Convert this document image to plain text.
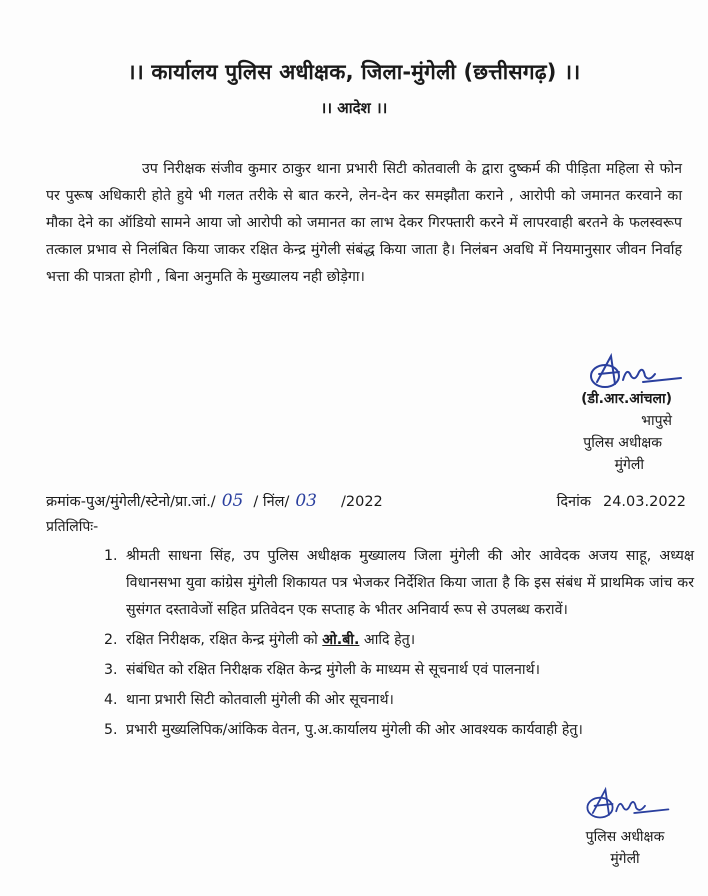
।। कार्यालय पुलिस अधीक्षक, जिला-मुंगेली (छत्तीसगढ़) ।।
।। आदेश ।।
उप निरीक्षक संजीव कुमार ठाकुर थाना प्रभारी सिटी कोतवाली के द्वारा दुष्कर्म की पीड़िता महिला से फोन पर पुरूष अधिकारी होते हुये भी गलत तरीके से बात करने, लेन-देन कर समझौता कराने , आरोपी को जमानत करवाने का मौका देने का ऑडियो सामने आया जो आरोपी को जमानत का लाभ देकर गिरफ्तारी करने में लापरवाही बरतने के फलस्वरूप तत्काल प्रभाव से निलंबित किया जाकर रक्षित केन्द्र मुंगेली संबंद्ध किया जाता है। निलंबन अवधि में नियमानुसार जीवन निर्वाह भत्ता की पात्रता होगी , बिना अनुमति के मुख्यालय नही छोड़ेगा।
(डी.आर.आंचला)
भापुसे
पुलिस अधीक्षक
मुंगेली
क्रमांक-पुअ/मुंगेली/स्टेनो/प्रा.जां./ 05 / निंल/ 03	/2022	दिनांक 24.03.2022
प्रतिलिपिः-
1. श्रीमती साधना सिंह, उप पुलिस अधीक्षक मुख्यालय जिला मुंगेली की ओर आवेदक अजय साहू, अध्यक्ष विधानसभा युवा कांग्रेस मुंगेली शिकायत पत्र भेजकर निर्देशित किया जाता है कि इस संबंध में प्राथमिक जांच कर सुसंगत दस्तावेजों सहित प्रतिवेदन एक सप्ताह के भीतर अनिवार्य रूप से उपलब्ध करावें।
2. रक्षित निरीक्षक, रक्षित केन्द्र मुंगेली को ओ.बी. आदि हेतु।
3. संबंधित को रक्षित निरीक्षक रक्षित केन्द्र मुंगेली के माध्यम से सूचनार्थ एवं पालनार्थ।
4. थाना प्रभारी सिटी कोतवाली मुंगेली की ओर सूचनार्थ।
5. प्रभारी मुख्यलिपिक/आंकिक वेतन, पु.अ.कार्यालय मुंगेली की ओर आवश्यक कार्यवाही हेतु।
पुलिस अधीक्षक
मुंगेली
